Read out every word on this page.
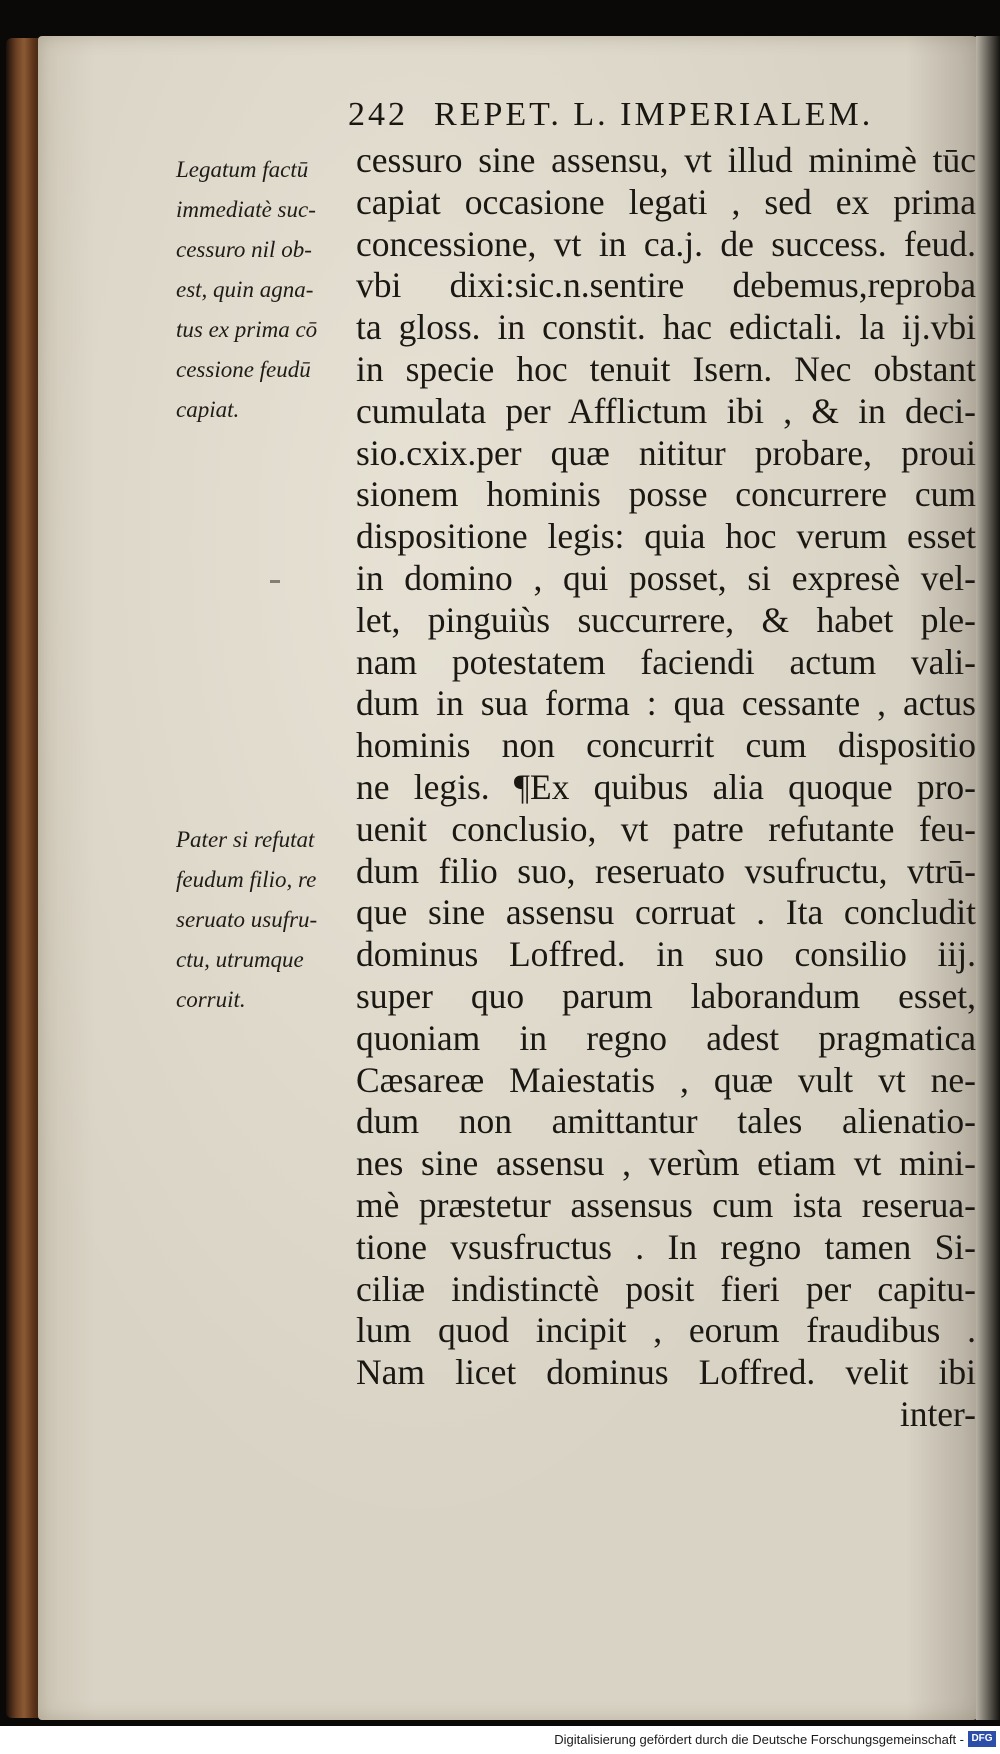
242 REPET. L. IMPERIALEM.
Legatum factū
immediatè suc-
cessuro nil ob-
est, quin agna-
tus ex prima cō
cessione feudū
capiat.
Pater si refutat
feudum filio, re
seruato usufru-
ctu, utrumque
corruit.
cessuro sine assensu, vt illud minimè tūc
capiat occasione legati , sed ex prima
concessione, vt in ca.j. de success. feud.
vbi dixi:sic.n.sentire debemus,reproba
ta gloss. in constit. hac edictali. la ij.vbi
in specie hoc tenuit Isern. Nec obstant
cumulata per Afflictum ibi , & in deci-
sio.cxix.per quæ nititur probare, proui
sionem hominis posse concurrere cum
dispositione legis: quia hoc verum esset
in domino , qui posset, si expresè vel-
let, pinguiùs succurrere, & habet ple-
nam potestatem faciendi actum vali-
dum in sua forma : qua cessante , actus
hominis non concurrit cum dispositio
ne legis. ¶Ex quibus alia quoque pro-
uenit conclusio, vt patre refutante feu-
dum filio suo, reseruato vsufructu, vtrū-
que sine assensu corruat . Ita concludit
dominus Loffred. in suo consilio iij.
super quo parum laborandum esset,
quoniam in regno adest pragmatica
Cæsareæ Maiestatis , quæ vult vt ne-
dum non amittantur tales alienatio-
nes sine assensu , verùm etiam vt mini-
mè præstetur assensus cum ista reserua-
tione vsusfructus . In regno tamen Si-
ciliæ indistinctè posit fieri per capitu-
lum quod incipit , eorum fraudibus .
Nam licet dominus Loffred. velit ibi
inter-
Digitalisierung gefördert durch die Deutsche Forschungsgemeinschaft - DFG
